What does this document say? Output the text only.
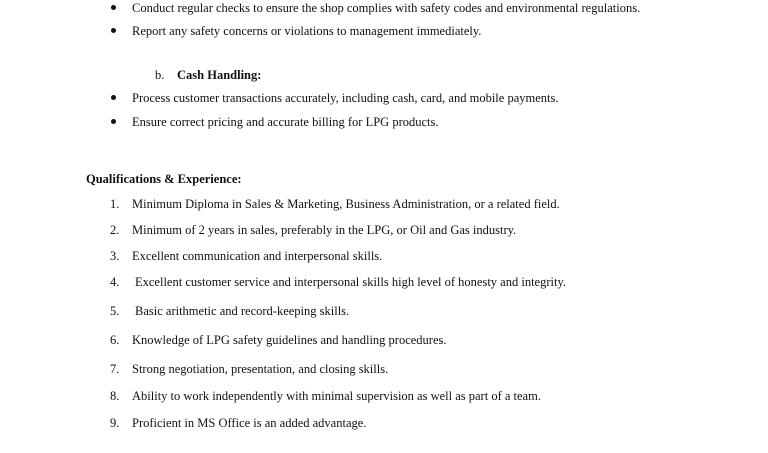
Conduct regular checks to ensure the shop complies with safety codes and environmental regulations.
Report any safety concerns or violations to management immediately.
b. Cash Handling:
Process customer transactions accurately, including cash, card, and mobile payments.
Ensure correct pricing and accurate billing for LPG products.
Qualifications & Experience:
1. Minimum Diploma in Sales & Marketing, Business Administration, or a related field.
2. Minimum of 2 years in sales, preferably in the LPG, or Oil and Gas industry.
3. Excellent communication and interpersonal skills.
4. Excellent customer service and interpersonal skills high level of honesty and integrity.
5. Basic arithmetic and record-keeping skills.
6. Knowledge of LPG safety guidelines and handling procedures.
7. Strong negotiation, presentation, and closing skills.
8. Ability to work independently with minimal supervision as well as part of a team.
9. Proficient in MS Office is an added advantage.
